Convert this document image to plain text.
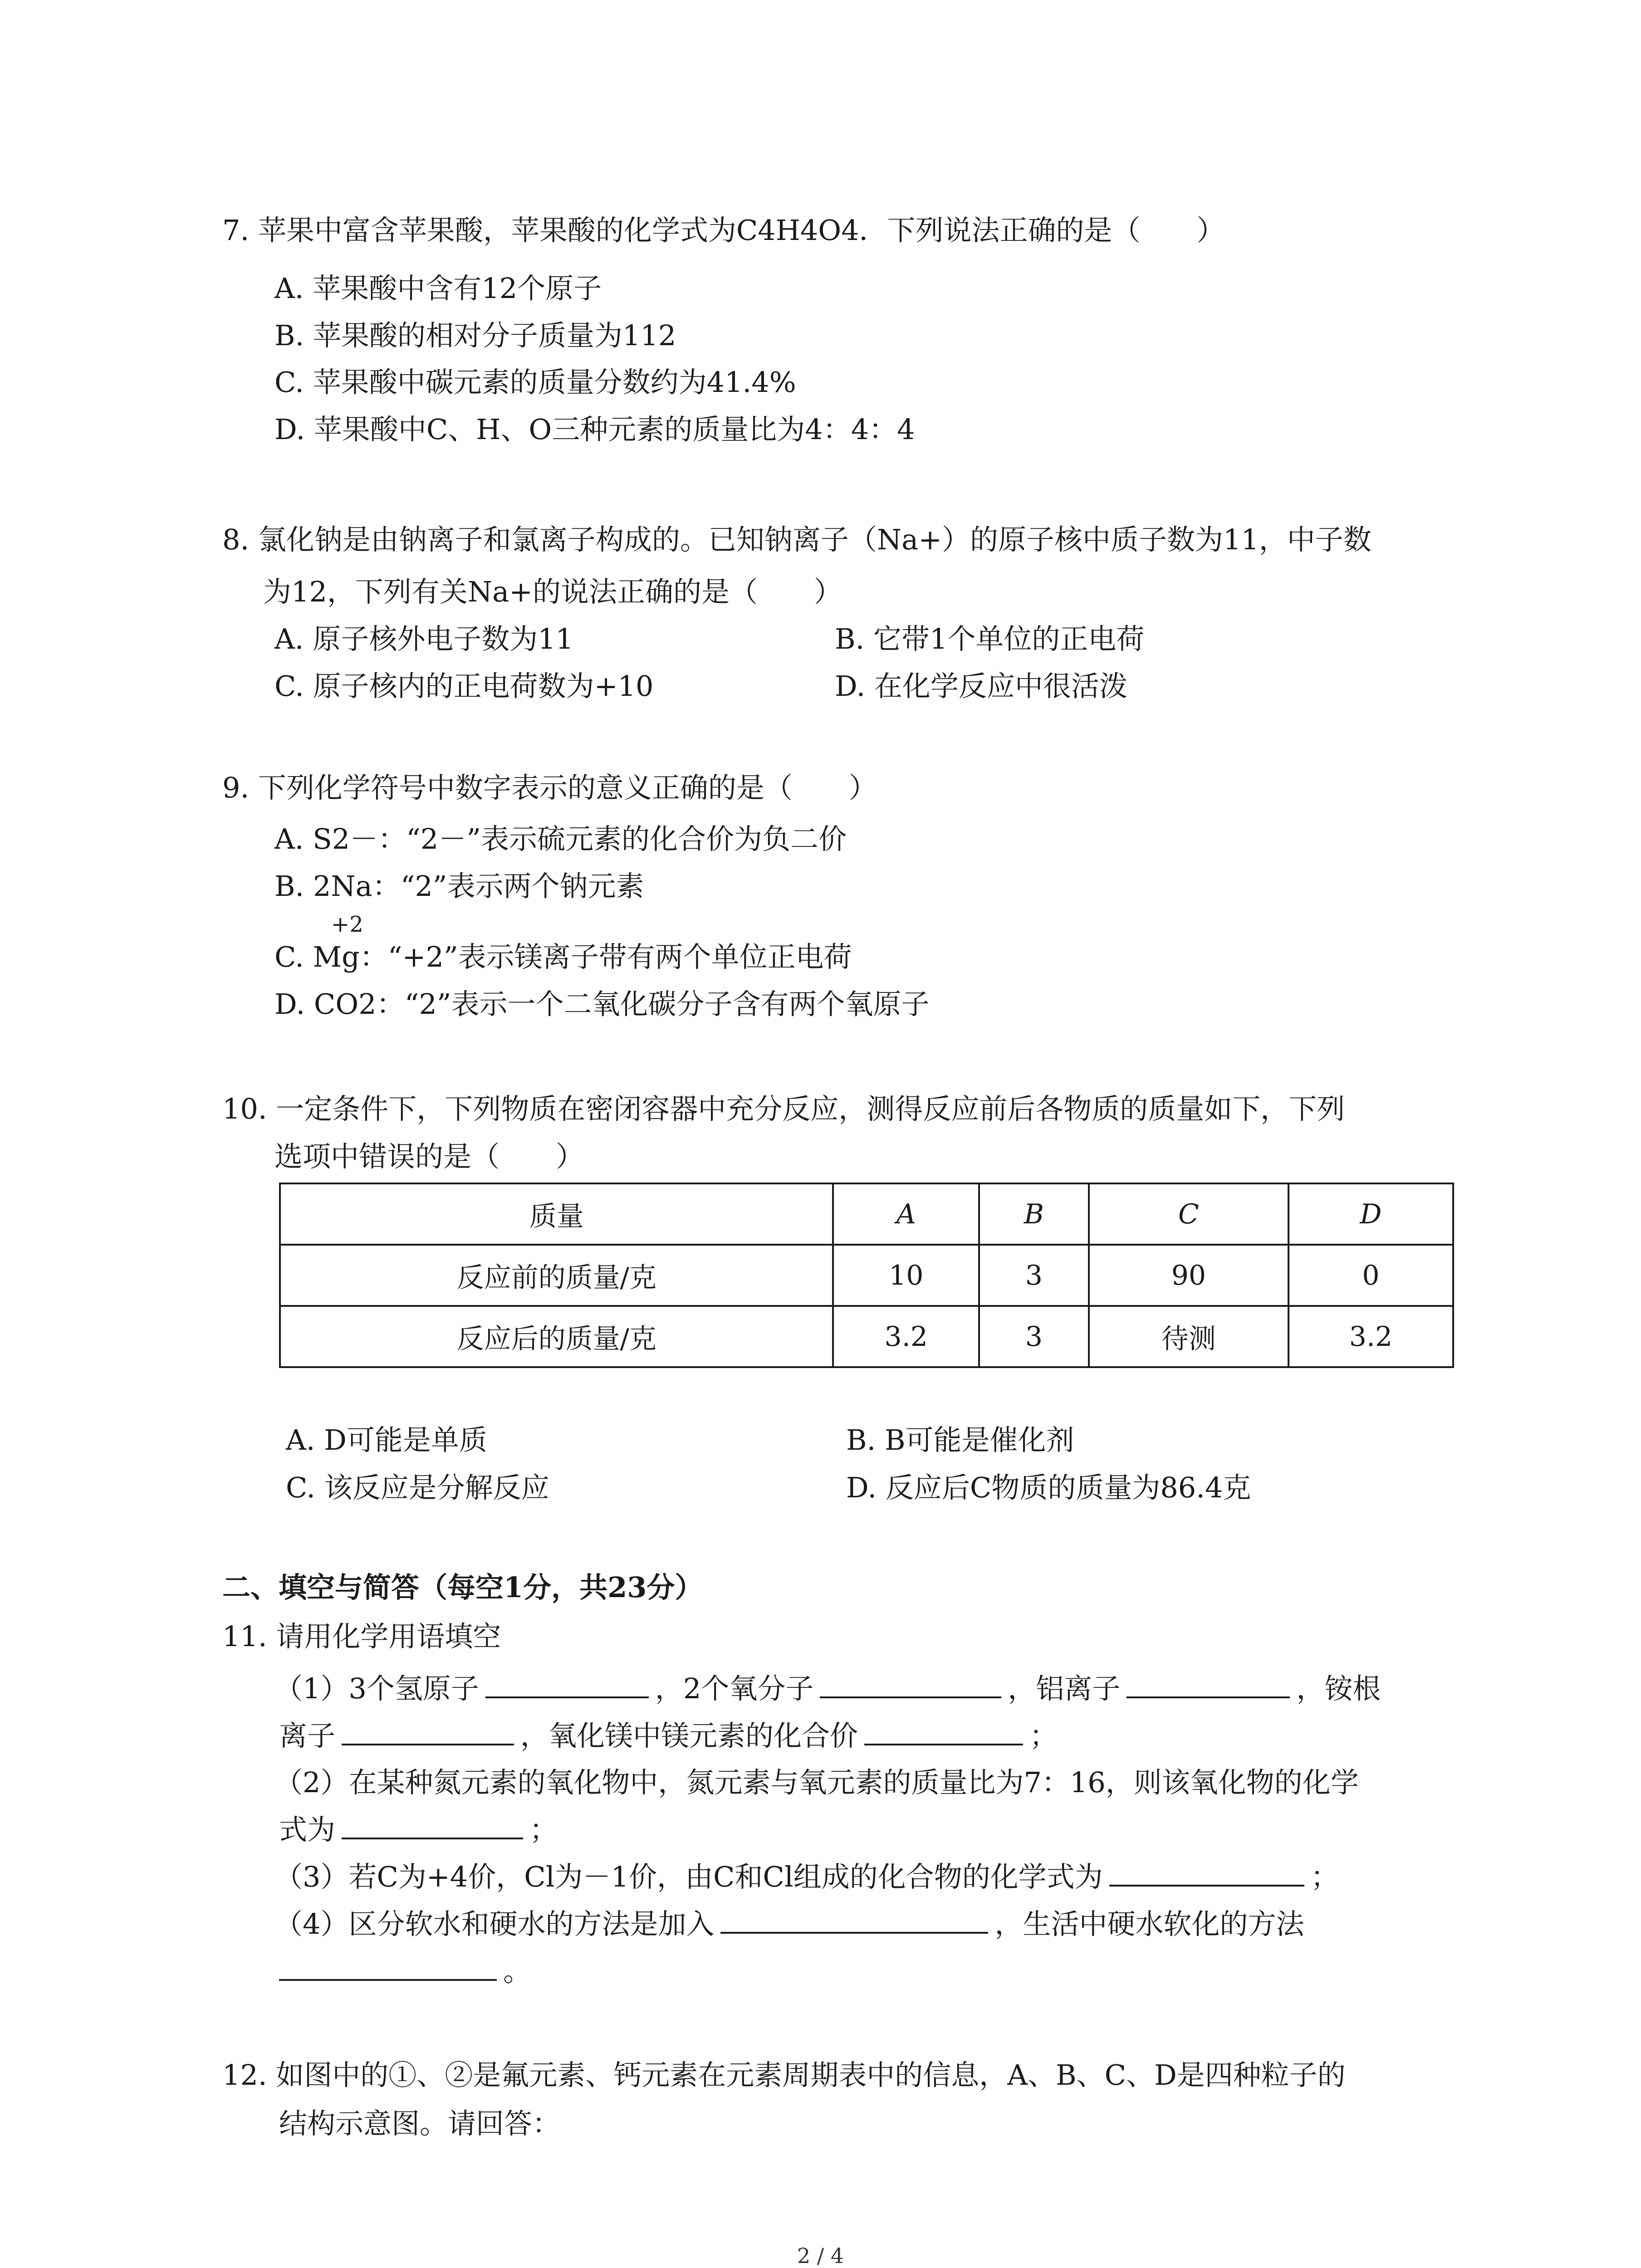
7. 苹果中富含苹果酸，苹果酸的化学式为C4H4O4．下列说法正确的是（　　）
A. 苹果酸中含有12个原子
B. 苹果酸的相对分子质量为112
C. 苹果酸中碳元素的质量分数约为41.4%
D. 苹果酸中C、H、O三种元素的质量比为4：4：4
8. 氯化钠是由钠离子和氯离子构成的。已知钠离子（Na+）的原子核中质子数为11，中子数
为12，下列有关Na+的说法正确的是（　　）
A. 原子核外电子数为11	B. 它带1个单位的正电荷
C. 原子核内的正电荷数为+10	D. 在化学反应中很活泼
9. 下列化学符号中数字表示的意义正确的是（　　）
A. S2－：“2－”表示硫元素的化合价为负二价
B. 2Na：“2”表示两个钠元素
+2
C. Mg：“+2”表示镁离子带有两个单位正电荷
D. CO2：“2”表示一个二氧化碳分子含有两个氧原子
10. 一定条件下，下列物质在密闭容器中充分反应，测得反应前后各物质的质量如下，下列
选项中错误的是（　　）
质量	A	B	C	D
反应前的质量/克	10	3	90	0
反应后的质量/克	3.2	3	待测	3.2
A. D可能是单质	B. B可能是催化剂
C. 该反应是分解反应	D. 反应后C物质的质量为86.4克
二、填空与简答（每空1分，共23分）
11. 请用化学用语填空
（1）3个氢原子	，2个氧分子	，铝离子	，铵根
离子	，氧化镁中镁元素的化合价	；
（2）在某种氮元素的氧化物中，氮元素与氧元素的质量比为7：16，则该氧化物的化学
式为	；
（3）若C为+4价，Cl为－1价，由C和Cl组成的化合物的化学式为	；
（4）区分软水和硬水的方法是加入	，生活中硬水软化的方法
。
12. 如图中的①、②是氟元素、钙元素在元素周期表中的信息，A、B、C、D是四种粒子的
结构示意图。请回答：
2 / 4
